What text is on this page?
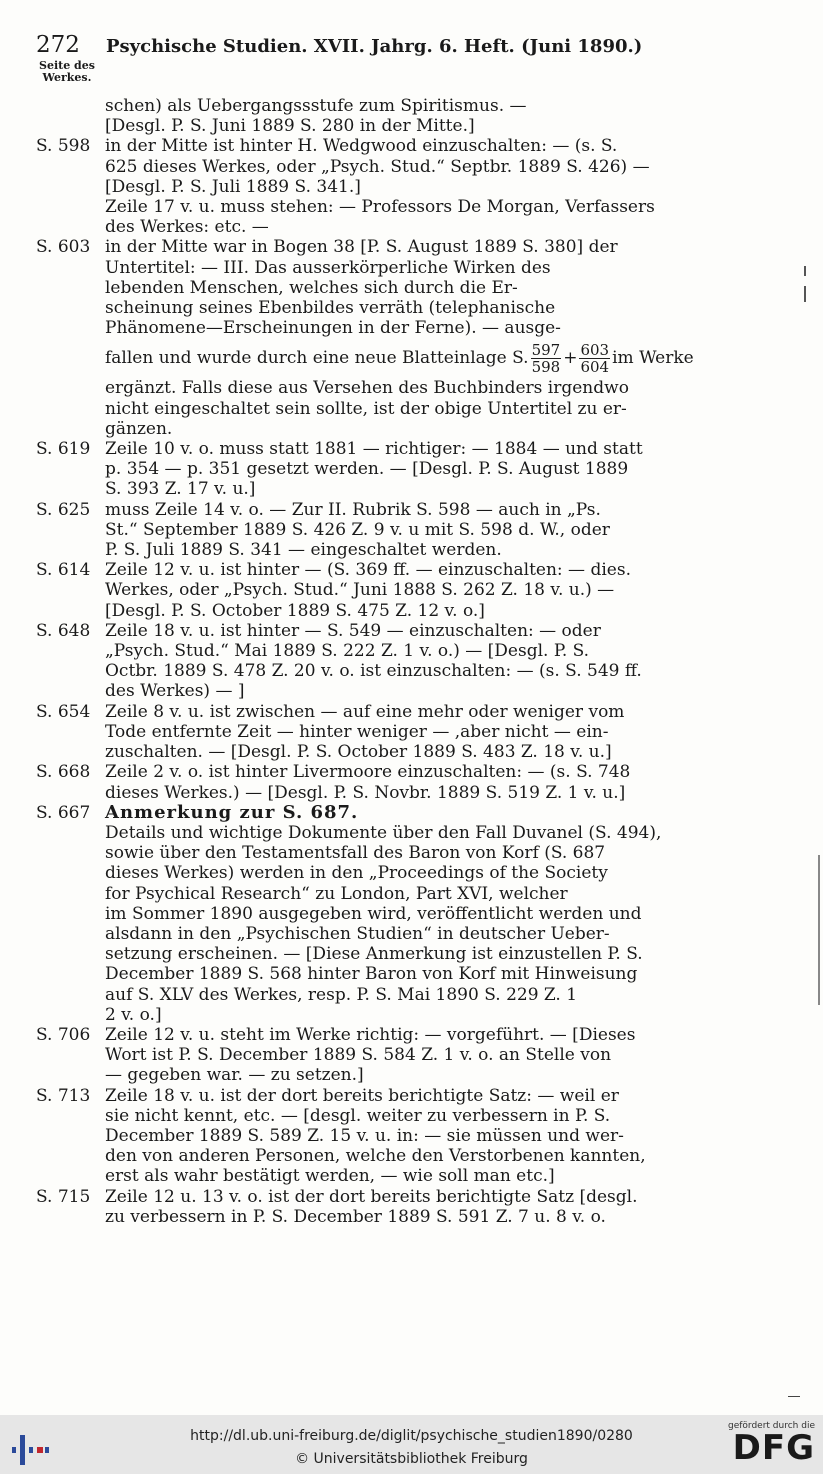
272 Psychische Studien. XVII. Jahrg. 6. Heft. (Juni 1890.)
Seite des
Werkes.

schen) als Uebergangssstufe zum Spiritismus. —

[Desgl. P. S. Juni 1889 S. 280 in der Mitte.]

S. 598 in der Mitte ist hinter H. Wedgwood einzuschalten: — (s. S.

625 dieses Werkes, oder „Psych. Stud.“ Septbr. 1889 S. 426) —

[Desgl. P. S. Juli 1889 S. 341.]

Zeile 17 v. u. muss stehen: — Professors De Morgan, Verfassers

des Werkes: etc. —

S. 603 in der Mitte war in Bogen 38 [P. S. August 1889 S. 380] der

Untertitel: — III. Das ausserkörperliche Wirken des

lebenden Menschen, welches sich durch die Er-

scheinung seines Ebenbildes verräth (telephanische

Phänomene—Erscheinungen in der Ferne). — ausge-

fallen und wurde durch eine neue Blatteinlage S. $\frac{597}{598} + \frac{603}{604}$ im Werke

ergänzt. Falls diese aus Versehen des Buchbinders irgendwo

nicht eingeschaltet sein sollte, ist der obige Untertitel zu er-

gänzen.

S. 619 Zeile 10 v. o. muss statt 1881 — richtiger: — 1884 — und statt

p. 354 — p. 351 gesetzt werden. — [Desgl. P. S. August 1889

S. 393 Z. 17 v. u.]

S. 625 muss Zeile 14 v. o. — Zur II. Rubrik S. 598 — auch in „Ps.

St.“ September 1889 S. 426 Z. 9 v. u mit S. 598 d. W., oder

P. S. Juli 1889 S. 341 — eingeschaltet werden.

S. 614 Zeile 12 v. u. ist hinter — (S. 369 ff. — einzuschalten: — dies.

Werkes, oder „Psych. Stud.“ Juni 1888 S. 262 Z. 18 v. u.) —

[Desgl. P. S. October 1889 S. 475 Z. 12 v. o.]

S. 648 Zeile 18 v. u. ist hinter — S. 549 — einzuschalten: — oder

„Psych. Stud.“ Mai 1889 S. 222 Z. 1 v. o.) — [Desgl. P. S.

Octbr. 1889 S. 478 Z. 20 v. o. ist einzuschalten: — (s. S. 549 ff.

des Werkes) — ]

S. 654 Zeile 8 v. u. ist zwischen — auf eine mehr oder weniger vom

Tode entfernte Zeit — hinter weniger — ,aber nicht — ein-

zuschalten. — [Desgl. P. S. October 1889 S. 483 Z. 18 v. u.]

S. 668 Zeile 2 v. o. ist hinter Livermoore einzuschalten: — (s. S. 748

dieses Werkes.) — [Desgl. P. S. Novbr. 1889 S. 519 Z. 1 v. u.]

S. 667 Anmerkung zur S. 687.

Details und wichtige Dokumente über den Fall Duvanel (S. 494),

sowie über den Testamentsfall des Baron von Korf (S. 687

dieses Werkes) werden in den „Proceedings of the Society

for Psychical Research“ zu London, Part XVI, welcher

im Sommer 1890 ausgegeben wird, veröffentlicht werden und

alsdann in den „Psychischen Studien“ in deutscher Ueber-

setzung erscheinen. — [Diese Anmerkung ist einzustellen P. S.

December 1889 S. 568 hinter Baron von Korf mit Hinweisung

auf S. XLV des Werkes, resp. P. S. Mai 1890 S. 229 Z. 1

2 v. o.]

S. 706 Zeile 12 v. u. steht im Werke richtig: — vorgeführt. — [Dieses

Wort ist P. S. December 1889 S. 584 Z. 1 v. o. an Stelle von

— gegeben war. — zu setzen.]

S. 713 Zeile 18 v. u. ist der dort bereits berichtigte Satz: — weil er

sie nicht kennt, etc. — [desgl. weiter zu verbessern in P. S.

December 1889 S. 589 Z. 15 v. u. in: — sie müssen und wer-

den von anderen Personen, welche den Verstorbenen kannten,

erst als wahr bestätigt werden, — wie soll man etc.]

S. 715 Zeile 12 u. 13 v. o. ist der dort bereits berichtigte Satz [desgl.

zu verbessern in P. S. December 1889 S. 591 Z. 7 u. 8 v. o.

http://dl.ub.uni-freiburg.de/diglit/psychische_studien1890/0280
© Universitätsbibliothek Freiburg
gefördert durch die
DFG
